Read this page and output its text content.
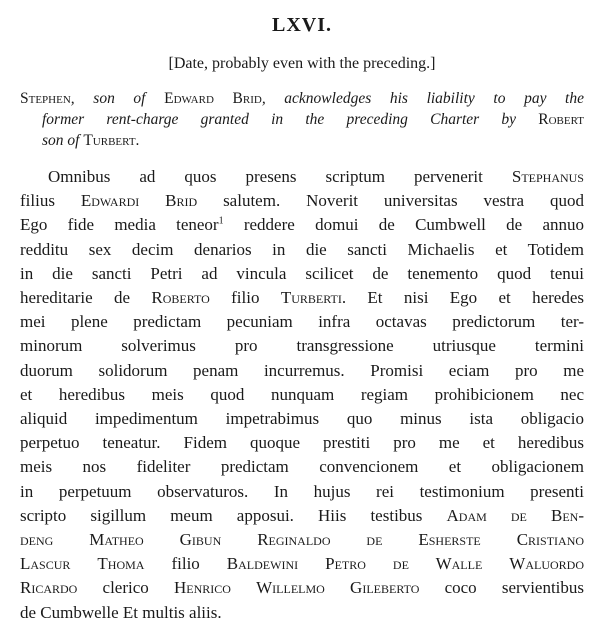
LXVI.

[Date, probably even with the preceding.]

Stephen, son of Edward Brid, acknowledges his liability to pay the
former rent-charge granted in the preceding Charter by Robert
son of Turbert.
Omnibus ad quos presens scriptum pervenerit Stephanus
filius Edwardi Brid salutem. Noverit universitas vestra quod
Ego fide media teneor$^1$ reddere domui de Cumbwell de annuo
redditu sex decim denarios in die sancti Michaelis et Totidem
in die sancti Petri ad vincula scilicet de tenemento quod tenui
hereditarie de Roberto filio Turberti. Et nisi Ego et heredes
mei plene predictam pecuniam infra octavas predictorum ter-
minorum solverimus pro transgressione utriusque termini
duorum solidorum penam incurremus. Promisi eciam pro me
et heredibus meis quod nunquam regiam prohibicionem nec
aliquid impedimentum impetrabimus quo minus ista obligacio
perpetuo teneatur. Fidem quoque prestiti pro me et heredibus
meis nos fideliter predictam convencionem et obligacionem
in perpetuum observaturos. In hujus rei testimonium presenti
scripto sigillum meum apposui. Hiis testibus Adam de Ben-
deng Matheo Gibun Reginaldo de Esherste Cristiano
Lascur Thoma filio Baldewini Petro de Walle Waluordo
Ricardo clerico Henrico Willelmo Gileberto coco servientibus
de Cumbwelle Et multis aliis.
